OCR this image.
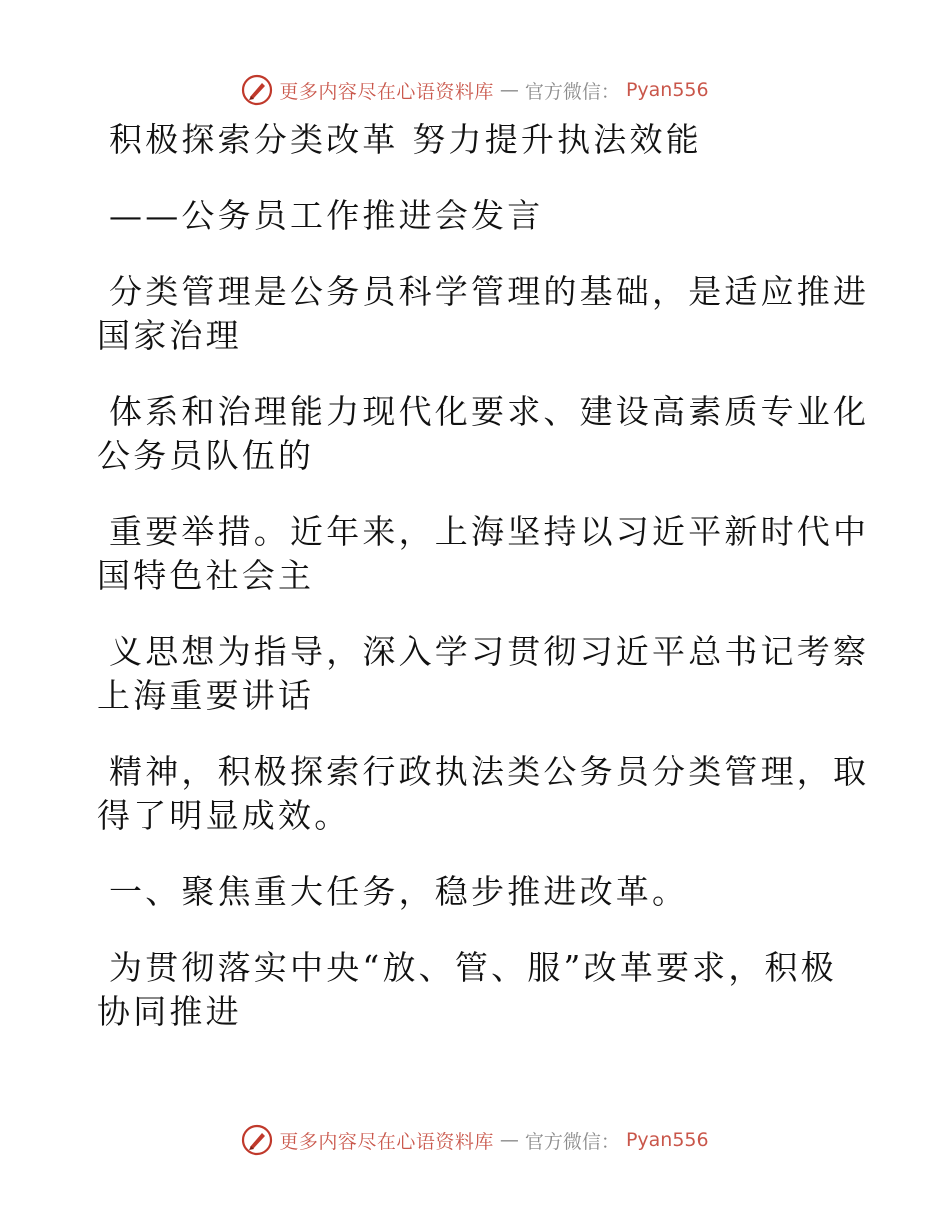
更多内容尽在心语资料库 — 官方微信： Pyan556

积极探索分类改革 努力提升执法效能

——公务员工作推进会发言

分类管理是公务员科学管理的基础，是适应推进

国家治理

体系和治理能力现代化要求、建设高素质专业化

公务员队伍的

重要举措。近年来，上海坚持以习近平新时代中

国特色社会主

义思想为指导，深入学习贯彻习近平总书记考察

上海重要讲话

精神，积极探索行政执法类公务员分类管理，取

得了明显成效。

一、聚焦重大任务，稳步推进改革。

为贯彻落实中央“放、管、服”改革要求，积极

协同推进

更多内容尽在心语资料库 — 官方微信： Pyan556
